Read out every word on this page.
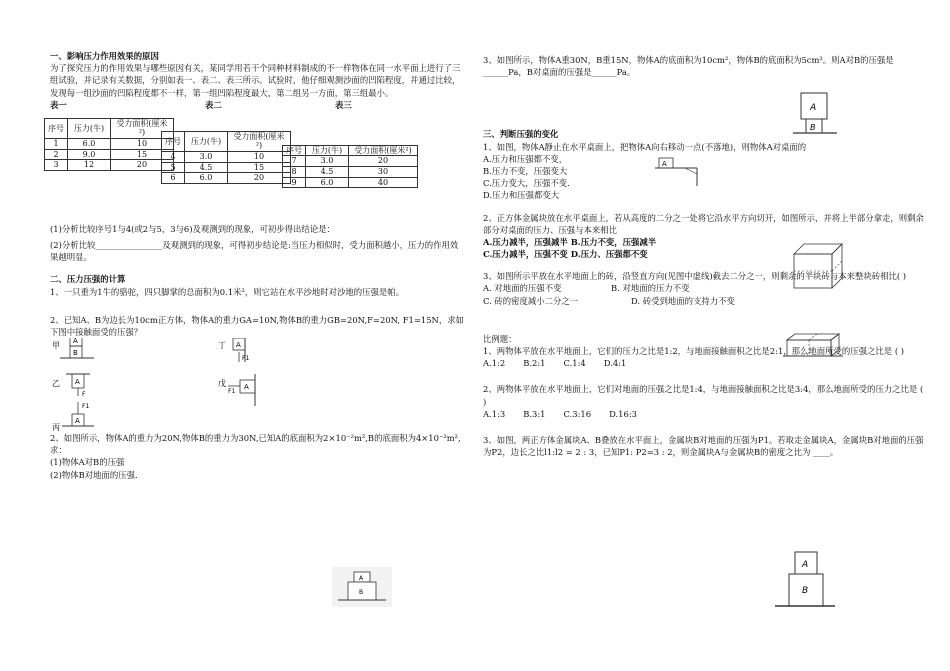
一、影响压力作用效果的原因

为了探究压力的作用效果与哪些原因有关，某同学用若干个同种材料制成的不一样物体在同一水平面上进行了三组试验，并记录有关数据，分别如表一、表二、表三所示。试验时，他仔细观测沙面的凹陷程度，并通过比较，发现每一组沙面的凹陷程度都不一样，第一组凹陷程度最大，第二组另一方面，第三组最小。

表一	表二	表三
序号	压力(牛)	受力面积(厘米²)
1	6.0	10
2	9.0	15
3	12	20
序号	压力(牛)	受力面积(厘米²)
4	3.0	10
5	4.5	15
6	6.0	20
序号	压力(牛)	受力面积(厘米²)
7	3.0	20
8	4.5	30
9	6.0	40

(1)分析比较序号1与4(或2与5，3与6)及观测到的现象，可初步得出结论是：

(2)分析比较________________及观测到的现象，可得初步结论是:当压力相似时，受力面积越小，压力的作用效果越明显。

二、压力压强的计算

1、一只重为1牛的骆驼，四只脚掌的总面积为0.1米²，则它站在水平沙地时对沙地的压强是帕。

2、已知A、B为边长为10cm正方体，物体A的重力GA=10N,物体B的重力GB=20N,F=20N, F1=15N，求如下图中接触面受的压强？

甲 A
B
乙 A
F
丙
F1
A
丁 A
F1
戊	A
F1

2、如图所示，物体A的重力为20N,物体B的重力为30N,已知A的底面积为2×10⁻²m²,B的底面积为4×10⁻²m²,求：

(1)物体A对B的压强

(2)物体B对地面的压强.

A
B

3、如图所示，物体A重30N，B重15N，物体A的底面积为10cm²，物体B的底面积为5cm²。则A对B的压强是______Pa，B对桌面的压强是______Pa。

三、判断压强的变化

1、如图，物体A静止在水平桌面上，把物体A向右移动一点(不落地)，则物体A对桌面的

A.压力和压强都不变，

B.压力不变，压强变大

C.压力变大，压强不变.

D.压力和压强都变大

2、正方体金属块放在水平桌面上，若从高度的二分之一处将它沿水平方向切开，如图所示，并将上半部分拿走，则剩余部分对桌面的压力、压强与本来相比

A.压力减半，压强减半 B.压力不变，压强减半

C.压力减半，压强不变 D.压力、压强都不变

3、如图所示平放在水平地面上的砖，沿竖直方向(见图中虚线)截去二分之一，则剩余的半块砖与本来整块砖相比( )

A. 对地面的压强不变	B. 对地面的压力不变

C. 砖的密度减小二分之一	D. 砖受到地面的支持力不变

比例题：

1、两物体平放在水平地面上，它们的压力之比是1:2，与地面接触面积之比是2:1，那么地面所受的压强之比是 ( )

A.1:2 B.2:1 C.1:4 D.4:1

2、两物体平放在水平地面上，它们对地面的压强之比是1:4，与地面接触面积之比是3:4，那么地面所受的压力之比是 ( )

A.1:3 B.3:1 C.3:16 D.16:3

3、如图，两正方体金属块A、B叠放在水平面上，金属块B对地面的压强为P1。若取走金属块A，金属块B对地面的压强为P2，边长之比l1:l2 = 2 : 3，已知P1: P2=3 : 2，则金属块A与金属块B的密度之比为 ____。

A
B
A
A
B
